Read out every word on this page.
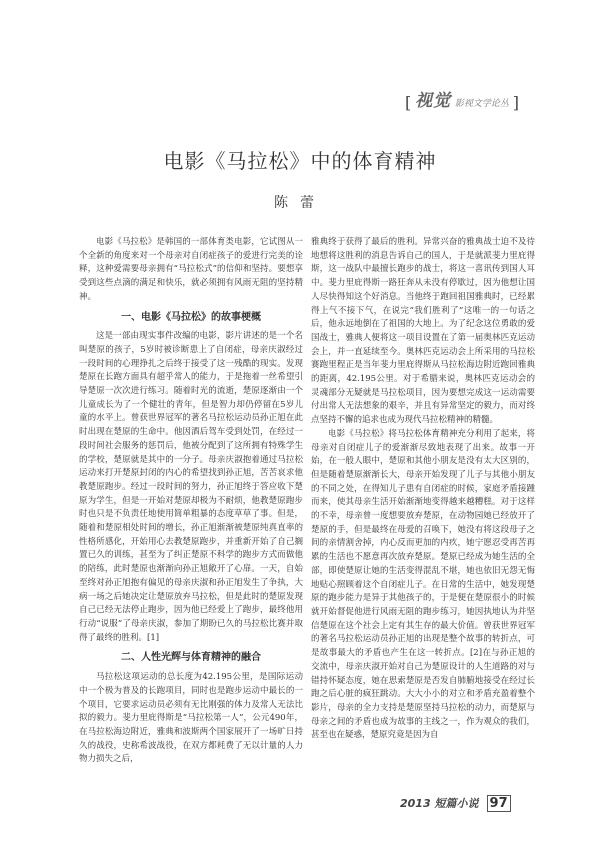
[ 视觉 影视文学论丛 ]
电影《马拉松》中的体育精神
陈蕾

电影《马拉松》是韩国的一部体育类电影，它试图从一个全新的角度来对一个母亲对自闭症孩子的爱进行完美的诠释，这种爱需要母亲拥有“马拉松式”的信仰和坚持。要想享受到这些点滴的满足和快乐，就必须拥有风雨无阻的坚持精神。

一、电影《马拉松》的故事梗概

这是一部由现实事件改编的电影，影片讲述的是一个名叫楚原的孩子，5岁时被诊断患上了自闭症，母亲庆淑经过一段时间的心理挣扎之后终于接受了这一残酷的现实。发现楚原在长跑方面具有超乎常人的能力，于是拖着一丝希望引导楚原一次次进行练习。随着时光的流逝，楚原逐渐由一个儿童成长为了一个健壮的青年，但是智力却仍停留在5岁儿童的水平上。曾获世界冠军的著名马拉松运动员孙正旭在此时出现在楚原的生命中。他因酒后驾车受到处罚，在经过一段时间社会服务的惩罚后，他被分配到了这所拥有特殊学生的学校，楚原就是其中的一分子。母亲庆淑抱着通过马拉松运动来打开楚原封闭的内心的希望找到孙正旭，苦苦哀求他教楚原跑步。经过一段时间的努力，孙正旭终于答应收下楚原为学生，但是一开始对楚原却极为不耐烦，他教楚原跑步时也只是不负责任地使用简单粗暴的态度草草了事。但是，随着和楚原相处时间的增长，孙正旭渐渐被楚原纯真直率的性格所感化，开始用心去教楚原跑步，并重新开始了自己搁置已久的训练，甚至为了纠正楚原不科学的跑步方式而做他的陪练，此时楚原也渐渐向孙正旭敞开了心扉。一天，自始至终对孙正旭抱有偏见的母亲庆淑和孙正旭发生了争执，大病一场之后她决定让楚原放弃马拉松，但是此时的楚原发现自己已经无法停止跑步，因为他已经爱上了跑步，最终他用行动“说服”了母亲庆淑，参加了期盼已久的马拉松比赛并取得了最终的胜利。[1]

二、人性光辉与体育精神的融合

马拉松这项运动的总长度为42.195公里，是国际运动中一个极为普及的长跑项目，同时也是跑步运动中最长的一个项目，它要求运动员必须有无比刚强的体力及常人无法比拟的毅力。斐力里庇得斯是“马拉松第一人”，公元490年，在马拉松海边附近，雅典和波斯两个国家展开了一场旷日持久的战役，史称希波战役，在双方都耗费了无以计量的人力物力损失之后，

雅典终于获得了最后的胜利。异常兴奋的雅典战士迫不及待地想将这胜利的消息告诉自己的国人，于是就派斐力里庇得斯，这一战队中最擅长跑步的战士，将这一喜讯传到国人耳中。斐力里庇得斯一路狂奔从未没有停歇过，因为他想让国人尽快得知这个好消息。当他终于跑回祖国雅典时，已经累得上气不接下气，在说完“我们胜利了”这唯一的一句话之后，他永远地倒在了祖国的大地上。为了纪念这位勇敢的爱国战士，雅典人便将这一项目设置在了第一届奥林匹克运动会上，并一直延续至今。奥林匹克运动会上所采用的马拉松赛跑里程正是当年斐力里庇得斯从马拉松海边附近跑回雅典的距离，42.195公里。对于希腊来说，奥林匹克运动会的灵魂部分无疑就是马拉松项目，因为要想完成这一运动需要付出常人无法想象的艰辛，并且有异常坚定的毅力，而对终点坚持不懈的追求也成为现代马拉松精神的精髓。

电影《马拉松》将马拉松体育精神充分利用了起来，将母亲对自闭症儿子的爱渐渐尽致地表现了出来。故事一开始，在一般人眼中，楚原和其他小朋友是没有太大区别的，但是随着楚原渐渐长大，母亲开始发现了儿子与其他小朋友的不同之处，在得知儿子患有自闭症的时候，家庭矛盾接踵而来，使其母亲生活开始渐渐地变得越来越糟糕。对于这样的不幸，母亲曾一度想要放弃楚原，在动物园她已经放开了楚原的手，但是最终在母爱的召唤下，她没有将这段母子之间的亲情割舍掉，内心反而更加的内疚，她宁愿忍受再苦再累的生活也不愿意再次放弃楚原。楚原已经成为她生活的全部，即使楚原让她的生活变得混乱不堪，她也依旧无怨无悔地贴心照顾着这个自闭症儿子。在日常的生活中，她发现楚原的跑步能力是异于其他孩子的，于是便在楚原很小的时候就开始督促他进行风雨无阻的跑步练习，她因执地认为并坚信楚原在这个社会上定有其生存的最大价值。曾获世界冠军的著名马拉松运动员孙正旭的出现是整个故事的转折点，可是故事最大的矛盾也产生在这一转折点。[2]在与孙正旭的交流中，母亲庆淑开始对自己为楚原设计的人生道路的对与错持怀疑态度，她在思索楚原是否发自肺腑地接受在经过长跑之后心脏的疯狂跳动。大大小小的对立和矛盾充盈着整个影片，母亲的全力支持是楚原坚持马拉松的动力，而楚原与母亲之间的矛盾也成为故事的主线之一，作为观众的我们，甚至也在疑惑，楚原究竟是因为自

2013 短篇小说 97
